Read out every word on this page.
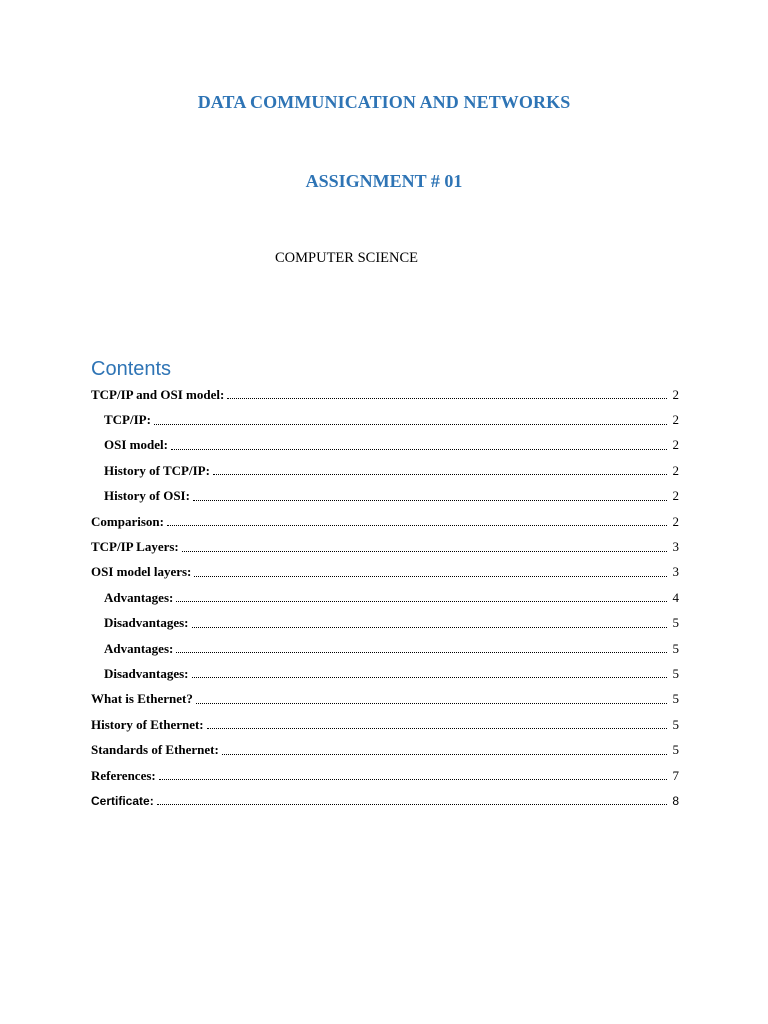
DATA COMMUNICATION AND NETWORKS
ASSIGNMENT # 01
COMPUTER SCIENCE
Contents
TCP/IP and OSI model:	2
TCP/IP:	2
OSI model:	2
History of TCP/IP:	2
History of OSI:	2
Comparison:	2
TCP/IP Layers:	3
OSI model layers:	3
Advantages:	4
Disadvantages:	5
Advantages:	5
Disadvantages:	5
What is Ethernet?	5
History of Ethernet:	5
Standards of Ethernet:	5
References:	7
Certificate:	8
